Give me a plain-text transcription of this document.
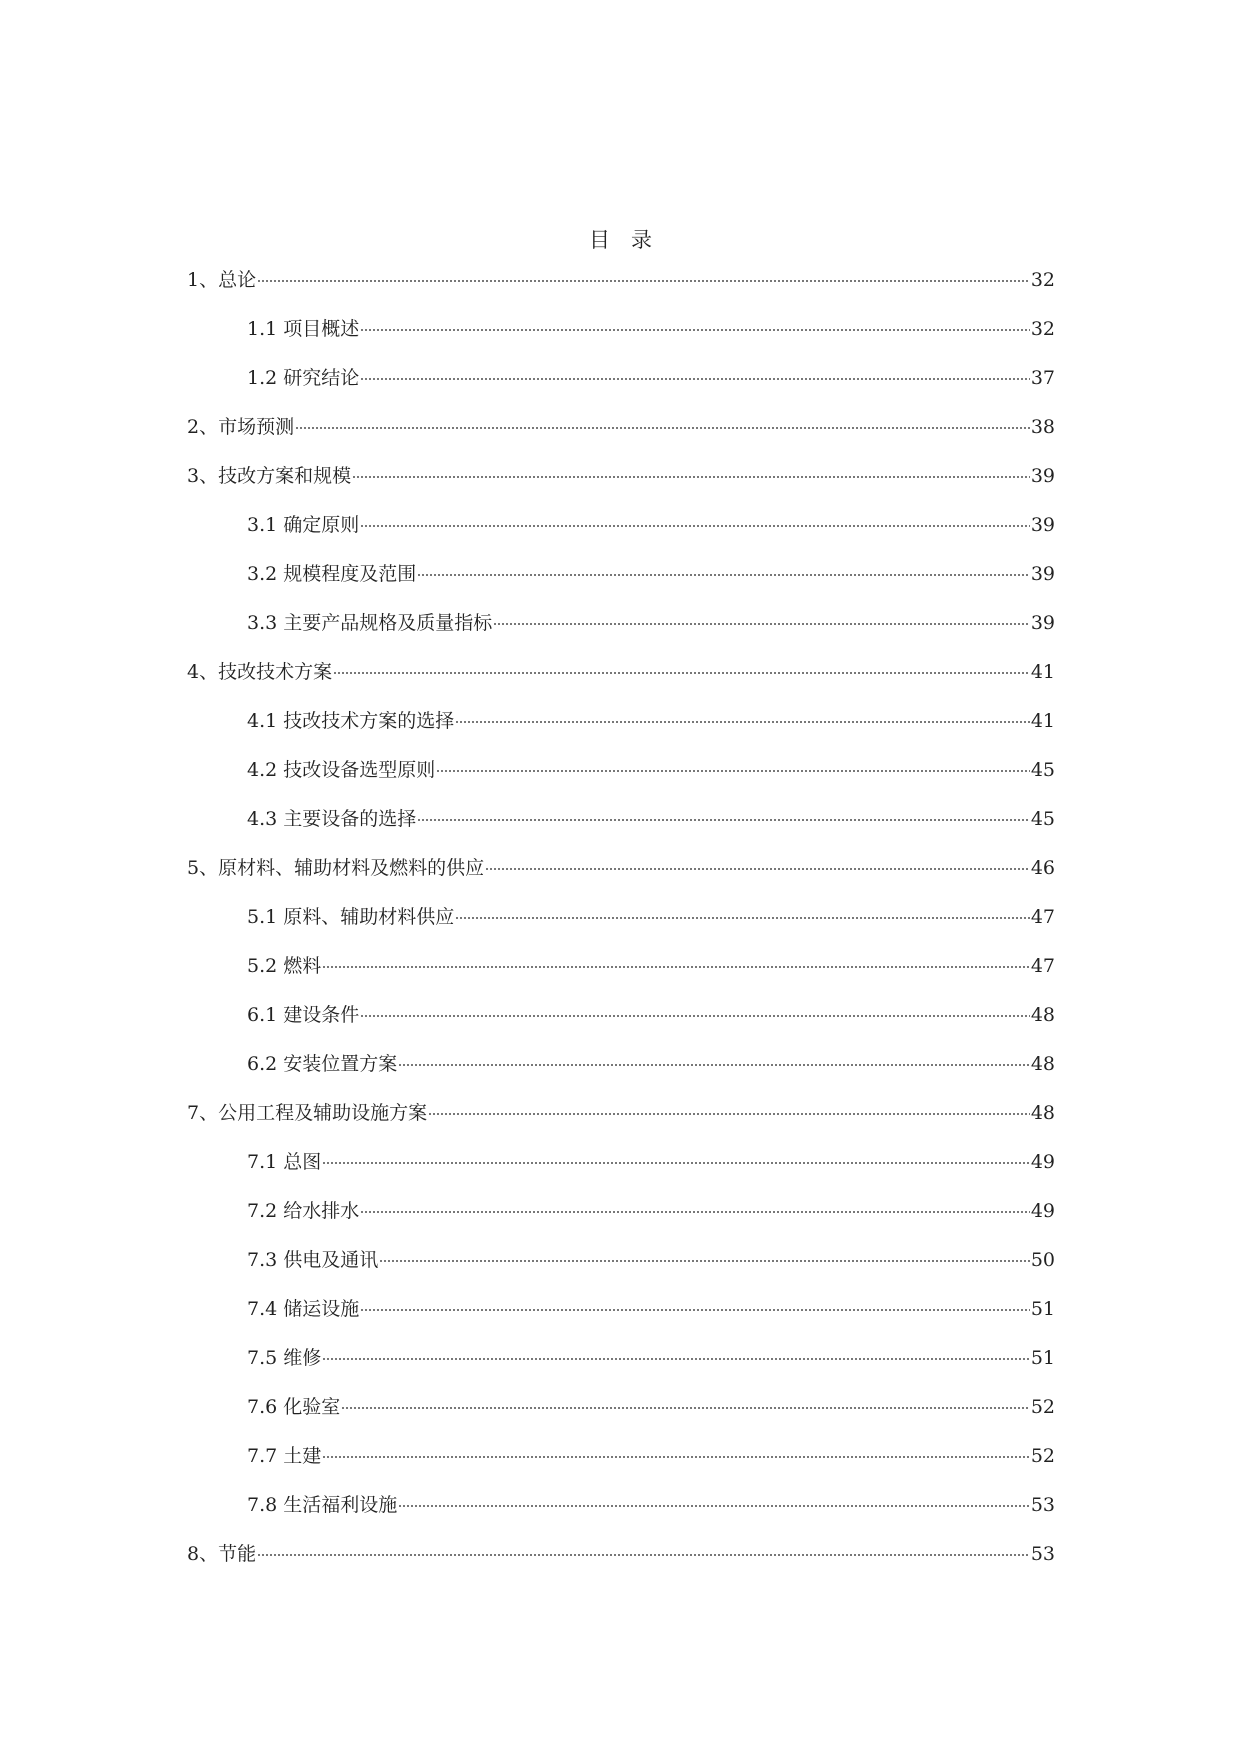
目　录
1、总论	32
1.1 项目概述	32
1.2 研究结论	37
2、市场预测	38
3、技改方案和规模	39
3.1 确定原则	39
3.2 规模程度及范围	39
3.3 主要产品规格及质量指标	39
4、技改技术方案	41
4.1 技改技术方案的选择	41
4.2 技改设备选型原则	45
4.3 主要设备的选择	45
5、原材料、辅助材料及燃料的供应	46
5.1 原料、辅助材料供应	47
5.2 燃料	47
6.1 建设条件	48
6.2 安装位置方案	48
7、公用工程及辅助设施方案	48
7.1 总图	49
7.2 给水排水	49
7.3 供电及通讯	50
7.4 储运设施	51
7.5 维修	51
7.6 化验室	52
7.7 土建	52
7.8 生活福利设施	53
8、节能	53
